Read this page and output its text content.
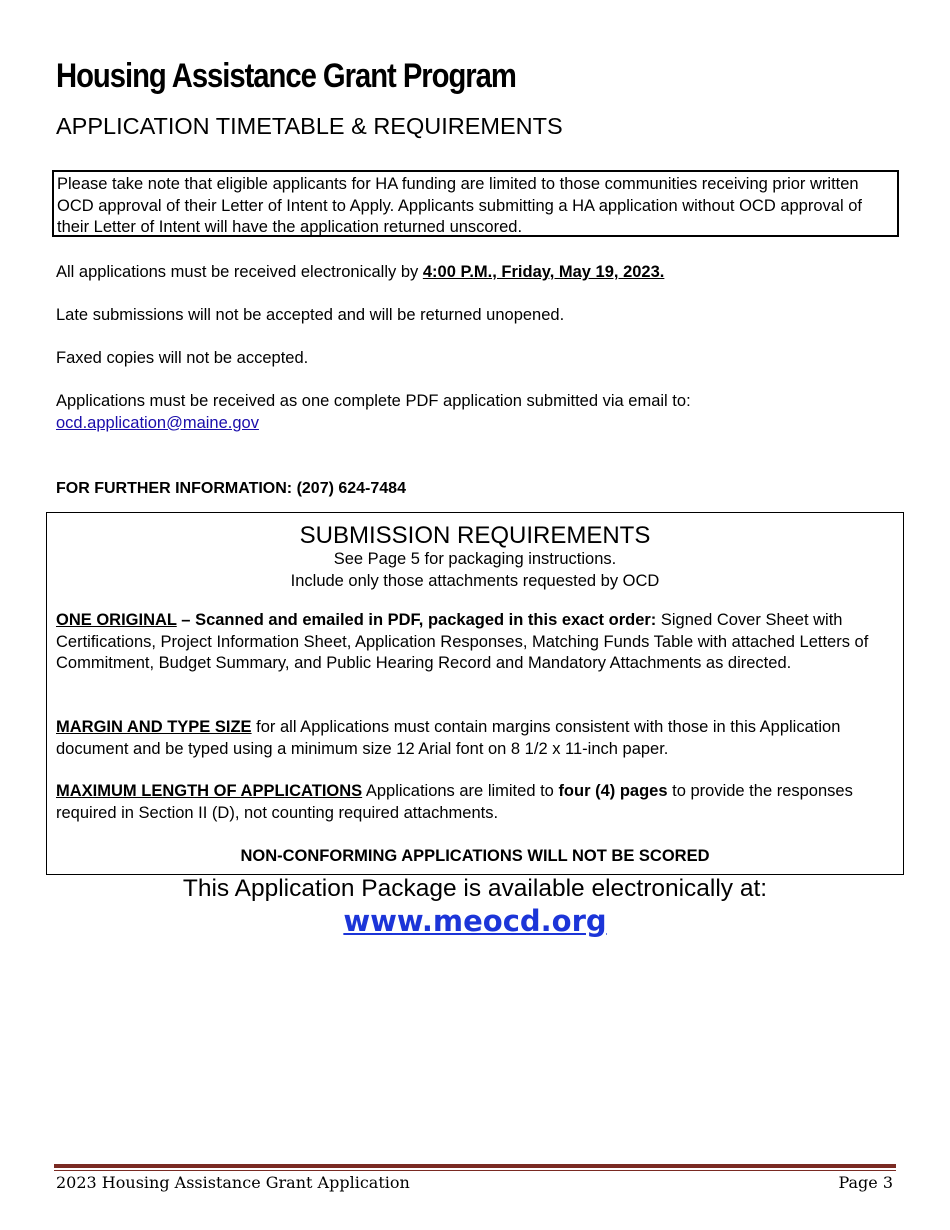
Housing Assistance Grant Program
APPLICATION TIMETABLE & REQUIREMENTS
Please take note that eligible applicants for HA funding are limited to those communities receiving prior written OCD approval of their Letter of Intent to Apply. Applicants submitting a HA application without OCD approval of their Letter of Intent will have the application returned unscored.
All applications must be received electronically by 4:00 P.M., Friday, May 19, 2023.
Late submissions will not be accepted and will be returned unopened.
Faxed copies will not be accepted.
Applications must be received as one complete PDF application submitted via email to:
ocd.application@maine.gov
FOR FURTHER INFORMATION: (207) 624-7484
SUBMISSION REQUIREMENTS
See Page 5 for packaging instructions.
Include only those attachments requested by OCD
ONE ORIGINAL – Scanned and emailed in PDF, packaged in this exact order: Signed Cover Sheet with Certifications, Project Information Sheet, Application Responses, Matching Funds Table with attached Letters of Commitment, Budget Summary, and Public Hearing Record and Mandatory Attachments as directed.
MARGIN AND TYPE SIZE for all Applications must contain margins consistent with those in this Application document and be typed using a minimum size 12 Arial font on 8 1/2 x 11-inch paper.
MAXIMUM LENGTH OF APPLICATIONS Applications are limited to four (4) pages to provide the responses required in Section II (D), not counting required attachments.
NON-CONFORMING APPLICATIONS WILL NOT BE SCORED
This Application Package is available electronically at:
www.meocd.org
2023 Housing Assistance Grant Application	Page 3
